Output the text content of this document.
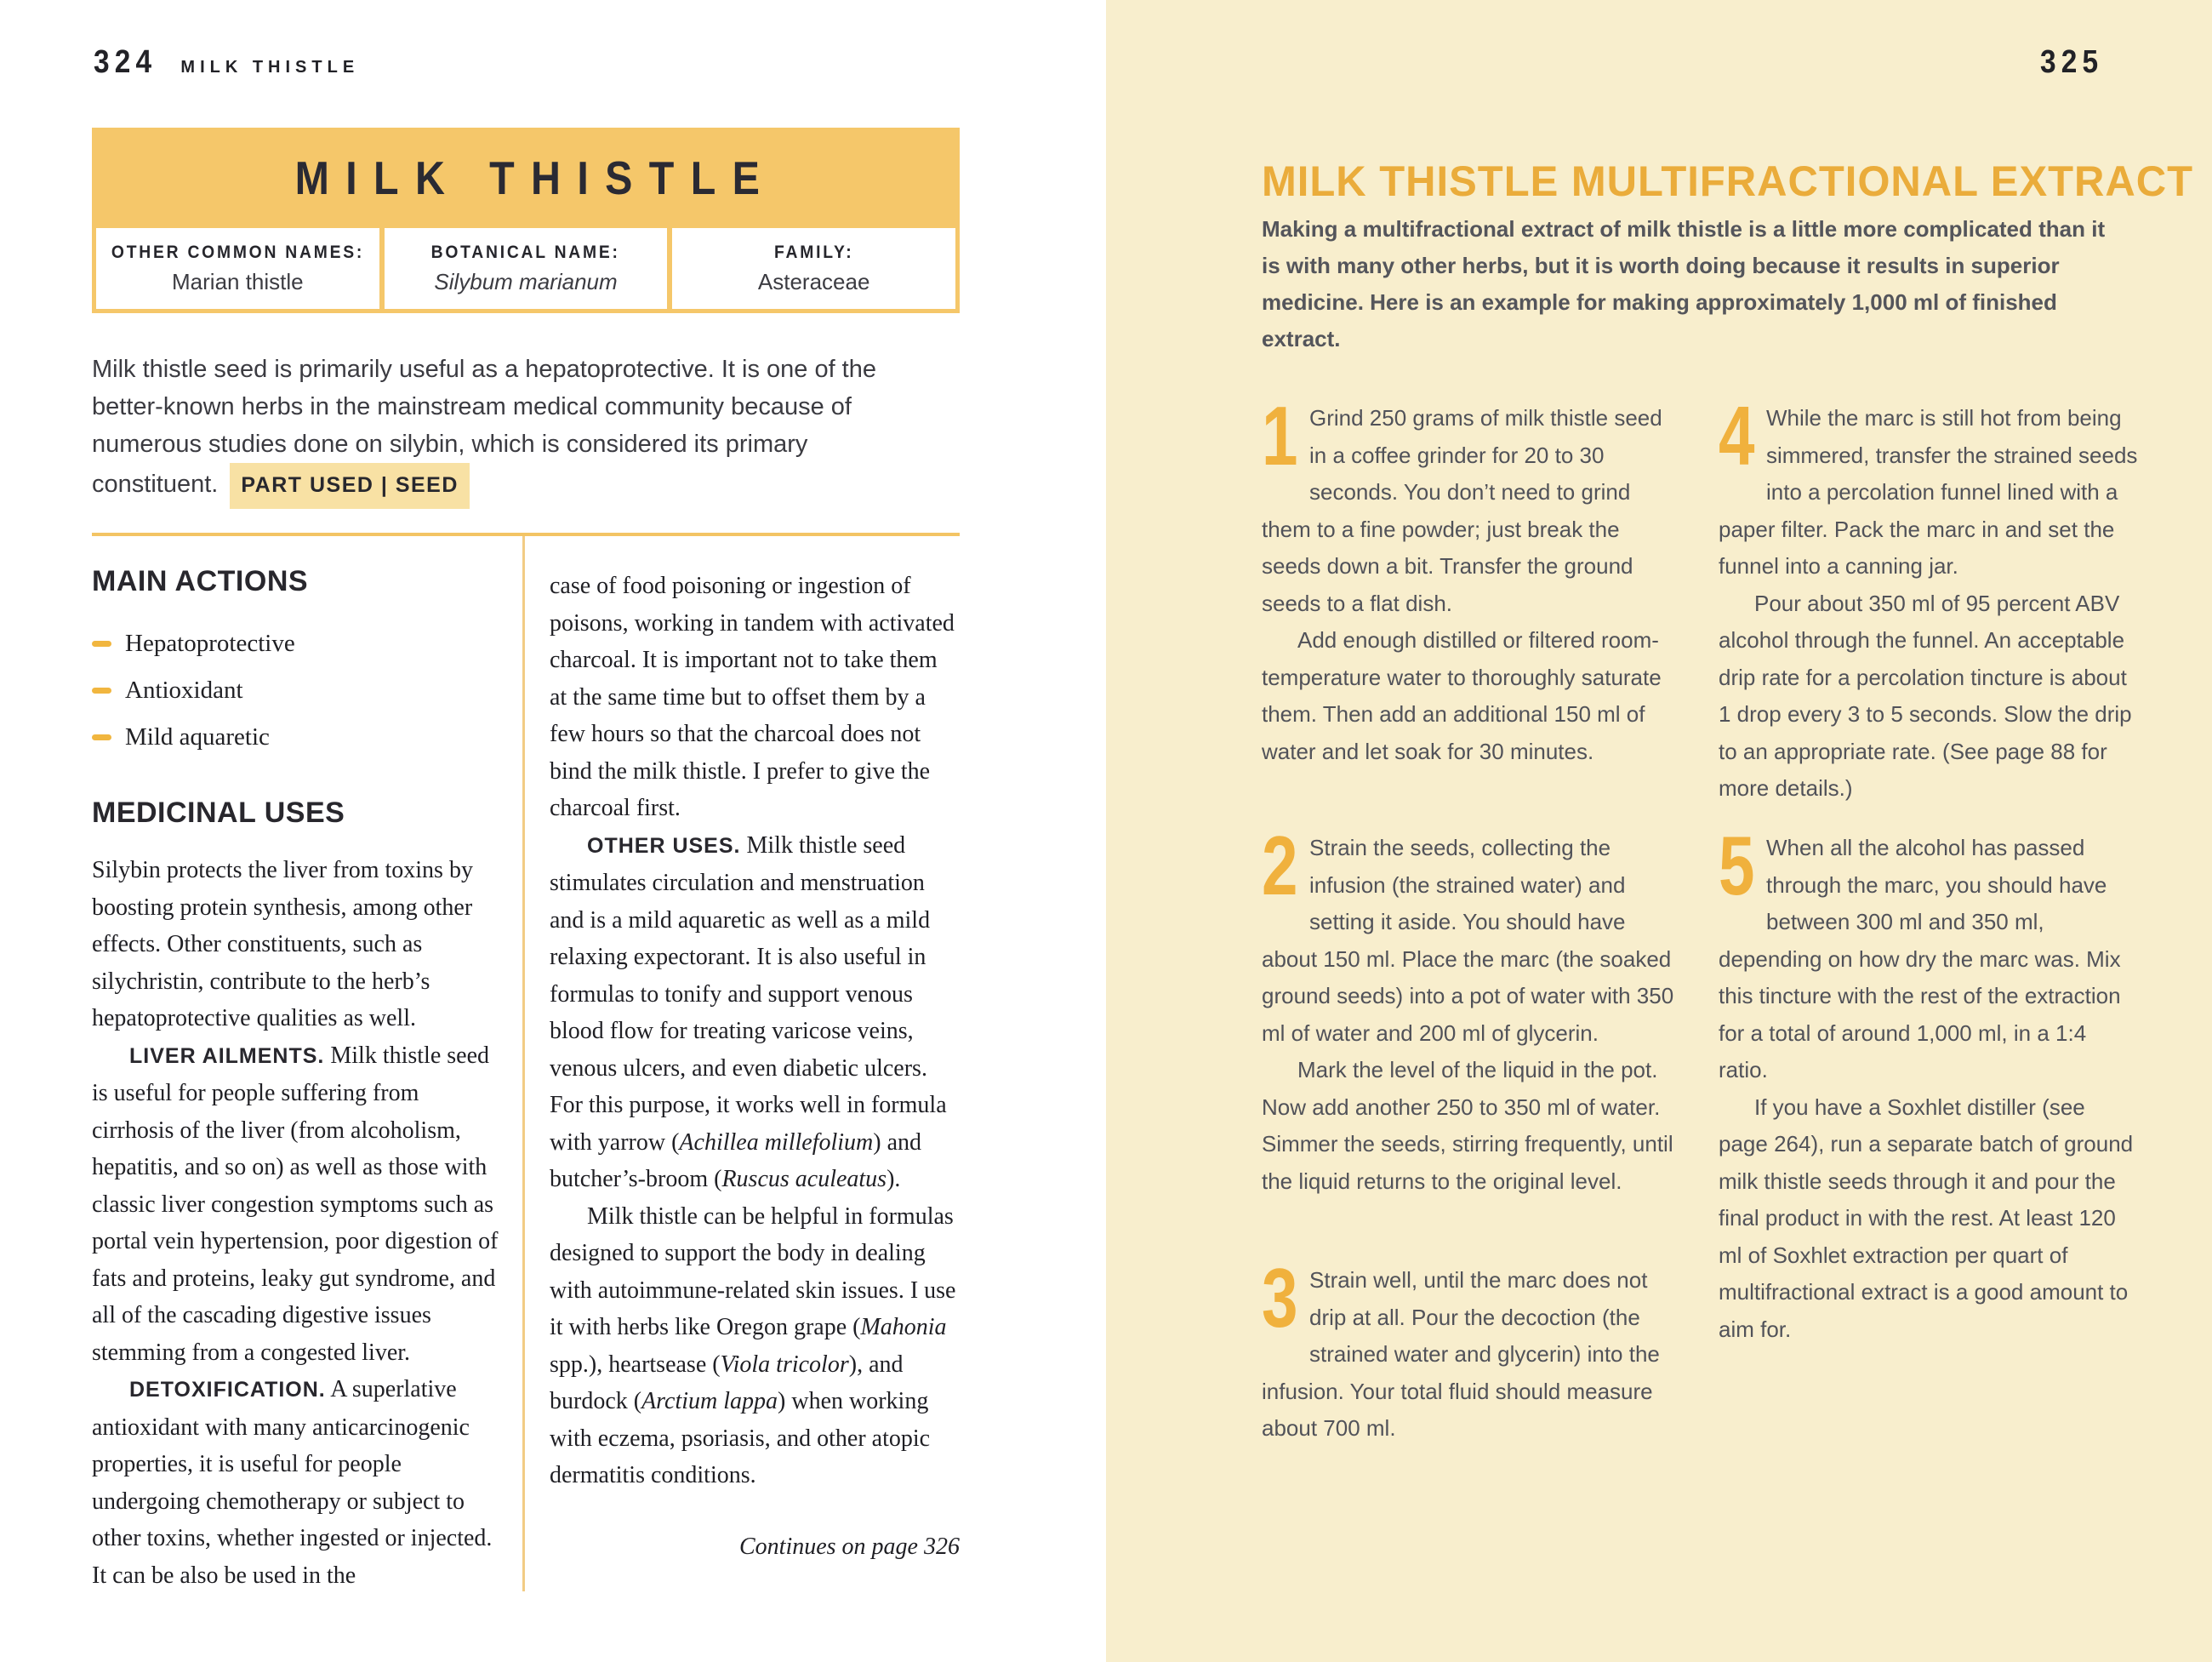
324 MILK THISTLE
MILK THISTLE
OTHER COMMON NAMES:
Marian thistle
BOTANICAL NAME:
Silybum marianum
FAMILY:
Asteraceae
Milk thistle seed is primarily useful as a hepatoprotective. It is one of the better-known herbs in the mainstream medical community because of numerous studies done on silybin, which is considered its primary constituent. PART USED | SEED
MAIN ACTIONS
Hepatoprotective
Antioxidant
Mild aquaretic
MEDICINAL USES

Silybin protects the liver from toxins by boosting protein synthesis, among other effects. Other constituents, such as silychristin, contribute to the herb’s hepatoprotective qualities as well.

LIVER AILMENTS. Milk thistle seed is useful for people suffering from cirrhosis of the liver (from alcoholism, hepatitis, and so on) as well as those with classic liver congestion symptoms such as portal vein hypertension, poor digestion of fats and proteins, leaky gut syndrome, and all of the cascading digestive issues stemming from a congested liver.

DETOXIFICATION. A superlative antioxidant with many anticarcinogenic properties, it is useful for people undergoing chemotherapy or subject to other toxins, whether ingested or injected. It can be also be used in the

case of food poisoning or ingestion of poisons, working in tandem with activated charcoal. It is important not to take them at the same time but to offset them by a few hours so that the charcoal does not bind the milk thistle. I prefer to give the charcoal first.

OTHER USES. Milk thistle seed stimulates circulation and menstruation and is a mild aquaretic as well as a mild relaxing expectorant. It is also useful in formulas to tonify and support venous blood flow for treating varicose veins, venous ulcers, and even diabetic ulcers. For this purpose, it works well in formula with yarrow (Achillea millefolium) and butcher’s-broom (Ruscus aculeatus).

Milk thistle can be helpful in formulas designed to support the body in dealing with autoimmune-related skin issues. I use it with herbs like Oregon grape (Mahonia spp.), heartsease (Viola tricolor), and burdock (Arctium lappa) when working with eczema, psoriasis, and other atopic dermatitis conditions.

Continues on page 326
325
MILK THISTLE MULTIFRACTIONAL EXTRACT
Making a multifractional extract of milk thistle is a little more complicated than it is with many other herbs, but it is worth doing because it results in superior medicine. Here is an example for making approximately 1,000 ml of finished extract.
1 Grind 250 grams of milk thistle seed in a coffee grinder for 20 to 30 seconds. You don’t need to grind them to a fine powder; just break the seeds down a bit. Transfer the ground seeds to a flat dish.

Add enough distilled or filtered room-temperature water to thoroughly saturate them. Then add an additional 150 ml of water and let soak for 30 minutes.

2 Strain the seeds, collecting the infusion (the strained water) and setting it aside. You should have about 150 ml. Place the marc (the soaked ground seeds) into a pot of water with 350 ml of water and 200 ml of glycerin.

Mark the level of the liquid in the pot. Now add another 250 to 350 ml of water. Simmer the seeds, stirring frequently, until the liquid returns to the original level.

3 Strain well, until the marc does not drip at all. Pour the decoction (the strained water and glycerin) into the infusion. Your total fluid should measure about 700 ml.

4 While the marc is still hot from being simmered, transfer the strained seeds into a percolation funnel lined with a paper filter. Pack the marc in and set the funnel into a canning jar.

Pour about 350 ml of 95 percent ABV alcohol through the funnel. An acceptable drip rate for a percolation tincture is about 1 drop every 3 to 5 seconds. Slow the drip to an appropriate rate. (See page 88 for more details.)

5 When all the alcohol has passed through the marc, you should have between 300 ml and 350 ml, depending on how dry the marc was. Mix this tincture with the rest of the extraction for a total of around 1,000 ml, in a 1:4 ratio.

If you have a Soxhlet distiller (see page 264), run a separate batch of ground milk thistle seeds through it and pour the final product in with the rest. At least 120 ml of Soxhlet extraction per quart of multifractional extract is a good amount to aim for.
